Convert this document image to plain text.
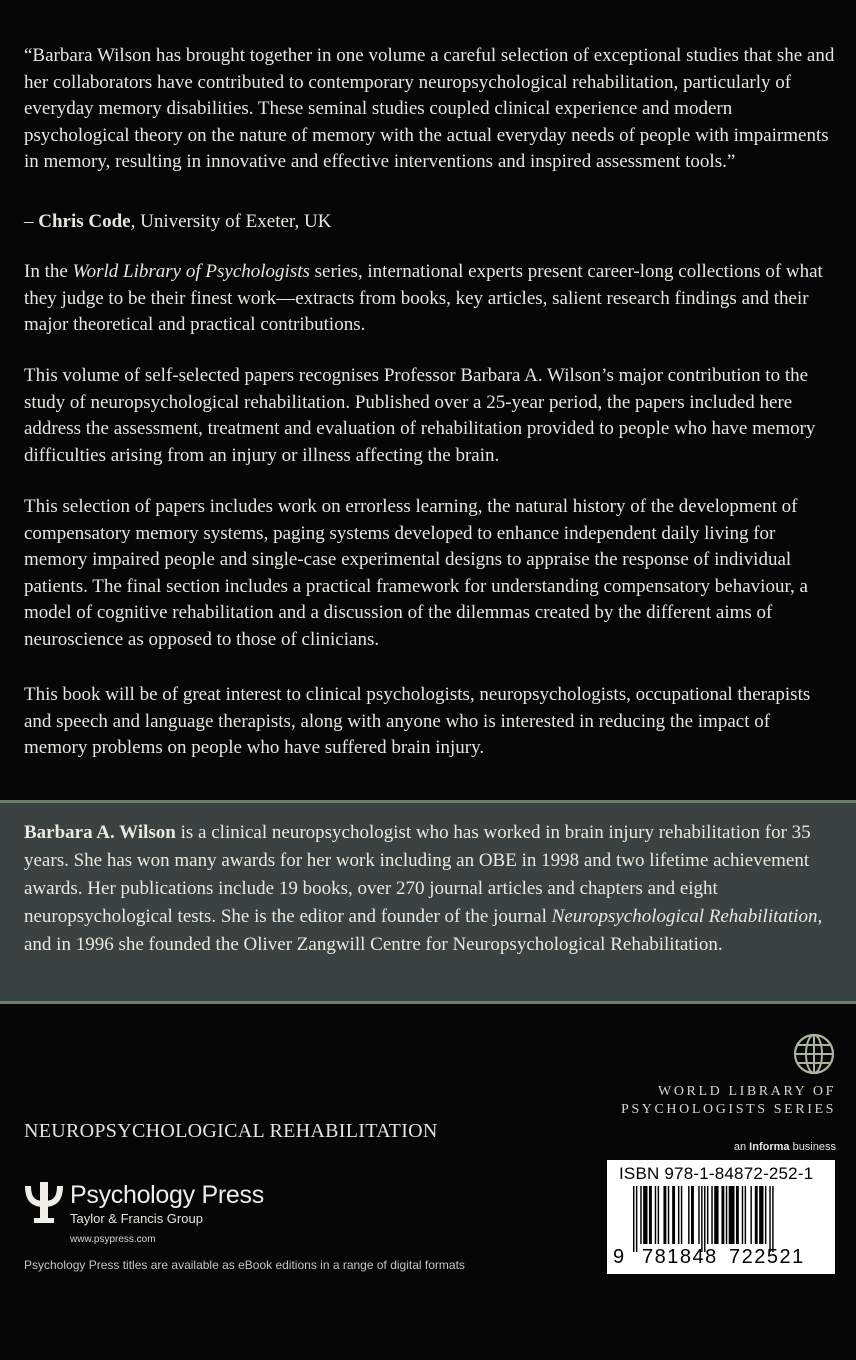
“Barbara Wilson has brought together in one volume a careful selection of exceptional studies that she and her collaborators have contributed to contemporary neuropsychological rehabilitation, particularly of everyday memory disabilities. These seminal studies coupled clinical experience and modern psychological theory on the nature of memory with the actual everyday needs of people with impairments in memory, resulting in innovative and effective interventions and inspired assessment tools.”

– Chris Code, University of Exeter, UK

In the World Library of Psychologists series, international experts present career-long collections of what they judge to be their finest work—extracts from books, key articles, salient research findings and their major theoretical and practical contributions.

This volume of self-selected papers recognises Professor Barbara A. Wilson’s major contribution to the study of neuropsychological rehabilitation. Published over a 25-year period, the papers included here address the assessment, treatment and evaluation of rehabilitation provided to people who have memory difficulties arising from an injury or illness affecting the brain.

This selection of papers includes work on errorless learning, the natural history of the development of compensatory memory systems, paging systems developed to enhance independent daily living for memory impaired people and single-case experimental designs to appraise the response of individual patients. The final section includes a practical framework for understanding compensatory behaviour, a model of cognitive rehabilitation and a discussion of the dilemmas created by the different aims of neuroscience as opposed to those of clinicians.

This book will be of great interest to clinical psychologists, neuropsychologists, occupational therapists and speech and language therapists, along with anyone who is interested in reducing the impact of memory problems on people who have suffered brain injury.

Barbara A. Wilson is a clinical neuropsychologist who has worked in brain injury rehabilitation for 35 years. She has won many awards for her work including an OBE in 1998 and two lifetime achievement awards. Her publications include 19 books, over 270 journal articles and chapters and eight neuropsychological tests. She is the editor and founder of the journal Neuropsychological Rehabilitation, and in 1996 she founded the Oliver Zangwill Centre for Neuropsychological Rehabilitation.

WORLD LIBRARY OF
PSYCHOLOGISTS SERIES
NEUROPSYCHOLOGICAL REHABILITATION
Psychology Press
Taylor & Francis Group
www.psypress.com
Psychology Press titles are available as eBook editions in a range of digital formats
an Informa business
ISBN 978-1-84872-252-1
9 781848 722521
